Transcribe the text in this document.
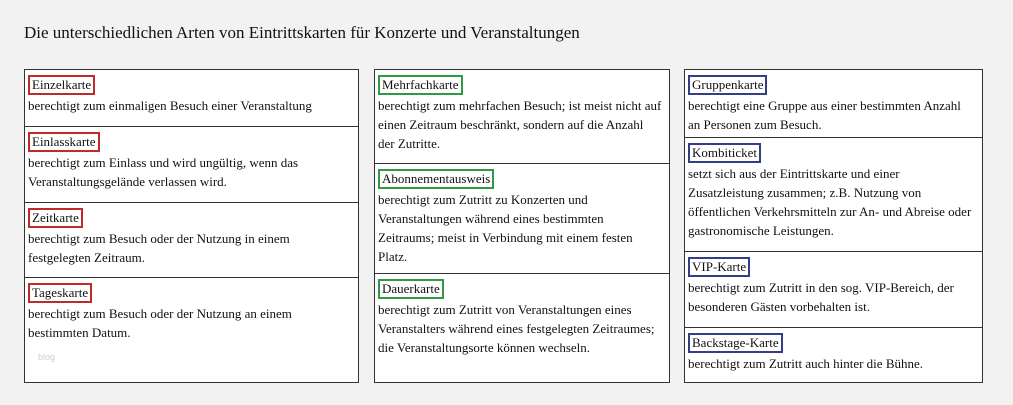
Die unterschiedlichen Arten von Eintrittskarten für Konzerte und Veranstaltungen
Einzelkarte
berechtigt zum einmaligen Besuch einer Veranstaltung
Einlasskarte
berechtigt zum Einlass und wird ungültig, wenn das Veranstaltungsgelände verlassen wird.
Zeitkarte
berechtigt zum Besuch oder der Nutzung in einem festgelegten Zeitraum.
Tageskarte
berechtigt zum Besuch oder der Nutzung an einem bestimmten Datum.
Mehrfachkarte
berechtigt zum mehrfachen Besuch; ist meist nicht auf einen Zeitraum beschränkt, sondern auf die Anzahl der Zutritte.
Abonnementausweis
berechtigt zum Zutritt zu Konzerten und Veranstaltungen während eines bestimmten Zeitraums; meist in Verbindung mit einem festen Platz.
Dauerkarte
berechtigt zum Zutritt von Veranstaltungen eines Veranstalters während eines festgelegten Zeitraumes; die Veranstaltungsorte können wechseln.
Gruppenkarte
berechtigt eine Gruppe aus einer bestimmten Anzahl an Personen zum Besuch.
Kombiticket
setzt sich aus der Eintrittskarte und einer Zusatzleistung zusammen; z.B. Nutzung von öffentlichen Verkehrsmitteln zur An- und Abreise oder gastronomische Leistungen.
VIP-Karte
berechtigt zum Zutritt in den sog. VIP-Bereich, der besonderen Gästen vorbehalten ist.
Backstage-Karte
berechtigt zum Zutritt auch hinter die Bühne.
blog
